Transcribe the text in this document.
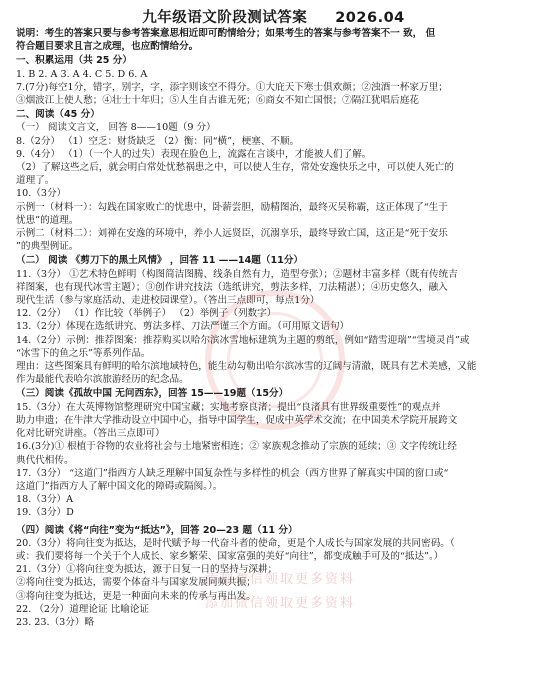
九年级语文阶段测试答案 2026.04
说明：考生的答案只要与参考答案意思相近即可酌情给分；如果考生的答案与参考答案不一 致， 但
符合题目要求且言之成理，也应酌情给分。
一、积累运用（共 25 分）
1. B 2. A 3. A 4. C 5. D 6. A
7.(7分)每空1分，错字，别字，字，添字则该空不得分。①大庇天下寒士俱欢颜；②浊酒一杯家万里；
③烟波江上使人愁；④壮士十年归；⑤人生自古谁无死；⑥商女不知亡国恨；⑦隔江犹唱后庭花
二、阅读（45 分）
（一） 阅读文言文， 回答 8——10题（9 分）
8.（2分） （1）空乏：财货缺乏 （2）衡：同“横”，梗塞、不顺。
9.（4分） （1）（一个人的过失）表现在脸色上，流露在言谈中，才能被人们了解。
（2）了解这些之后，就会明白常处忧愁祸患之中，可以使人生存，常处安逸快乐之中，可以使人死亡的
道理了。
10.（3分）
示例一（材料一）：勾践在国家败亡的忧患中，卧薪尝胆，励精图治，最终灭吴称霸，这正体现了“生于
忧患”的道理。
示例二（材料二）：刘禅在安逸的环境中，养小人远贤臣，沉溺享乐，最终导致亡国，这正是“死于安乐
”的典型例证。
（二） 阅读 《剪刀下的黑土风情》 ，回答 11 ——14题（11分）
11.（3分） ①艺术特色鲜明（构图简洁图腾、线条自然有力，造型夸张）；②题材丰富多样（既有传统吉
祥图案，也有现代冰雪主题）；③创作讲究技法（选纸讲究，剪法多样，刀法精湛）；④历史悠久，融入
现代生活（参与家庭活动、走进校园课堂）。（答出三点即可，每点1分）
12.（2分） （1）作比较（举例子） （2）举例子（列数字）
13.（2分）体现在选纸讲究、剪法多样、刀法严谨三个方面。（可用原文语句）
14.（2分）示例：推荐图案：推荐购买以哈尔滨冰雪地标建筑为主题的剪纸，例如“踏雪迎瑞”“雪境灵肖”或
“冰雪下的鱼之乐”等系列作品。
理由：这些图案具有鲜明的哈尔滨地域特色，能生动勾勒出哈尔滨冰雪的辽阔与清澈，既具有艺术美感，又能
作为最能代表哈尔滨旅游经历的纪念品。
（三）阅读《孤故中国 无问西东》，回答 15——19题（15分）
15.（3分）在大英博物馆整理研究中国宝藏；实地考察良渚；提出“良渚具有世界级重要性”的观点并
助力申遗；在牛津大学推动设立中国中心，指导中国学生，促成中英学术交流；在中国美术学院开展跨文
化对比研究讲座。（答出三点即可）
16.(3分)① 根植于谷物的农业将社会与土地紧密相连；② 家族观念推动了宗族的延续；③ 文字传统让经
典代代相传。
17.（3分） “这道门”指西方人缺乏理解中国复杂性与多样性的机会（西方世界了解真实中国的窗口或“
这道门”指西方人了解中国文化的障碍或隔阂。）。
18.（3分）A
19.（3分）D
（四）阅读《将“向往”变为“抵达”》，回答 20—23 题（11 分）
20.（3分）将向往变为抵达，是时代赋予每一代奋斗者的使命，更是个人成长与国家发展的共同密码。（
或：我们要将每一个关于个人成长、家乡繁荣、国家富强的美好“向往”，都变成触手可及的“抵达”。）
21.（3分）①将向往变为抵达，源于日复一日的坚持与深耕；
②将向往变为抵达，需要个体奋斗与国家发展同频共振；
③将向往变为抵达，更是一种面向未来的传承与再出发。
22. （2分）道理论证 比喻论证
23. 23.（3分）略
添加微信领取更多资料
添加微信领取更多资料
